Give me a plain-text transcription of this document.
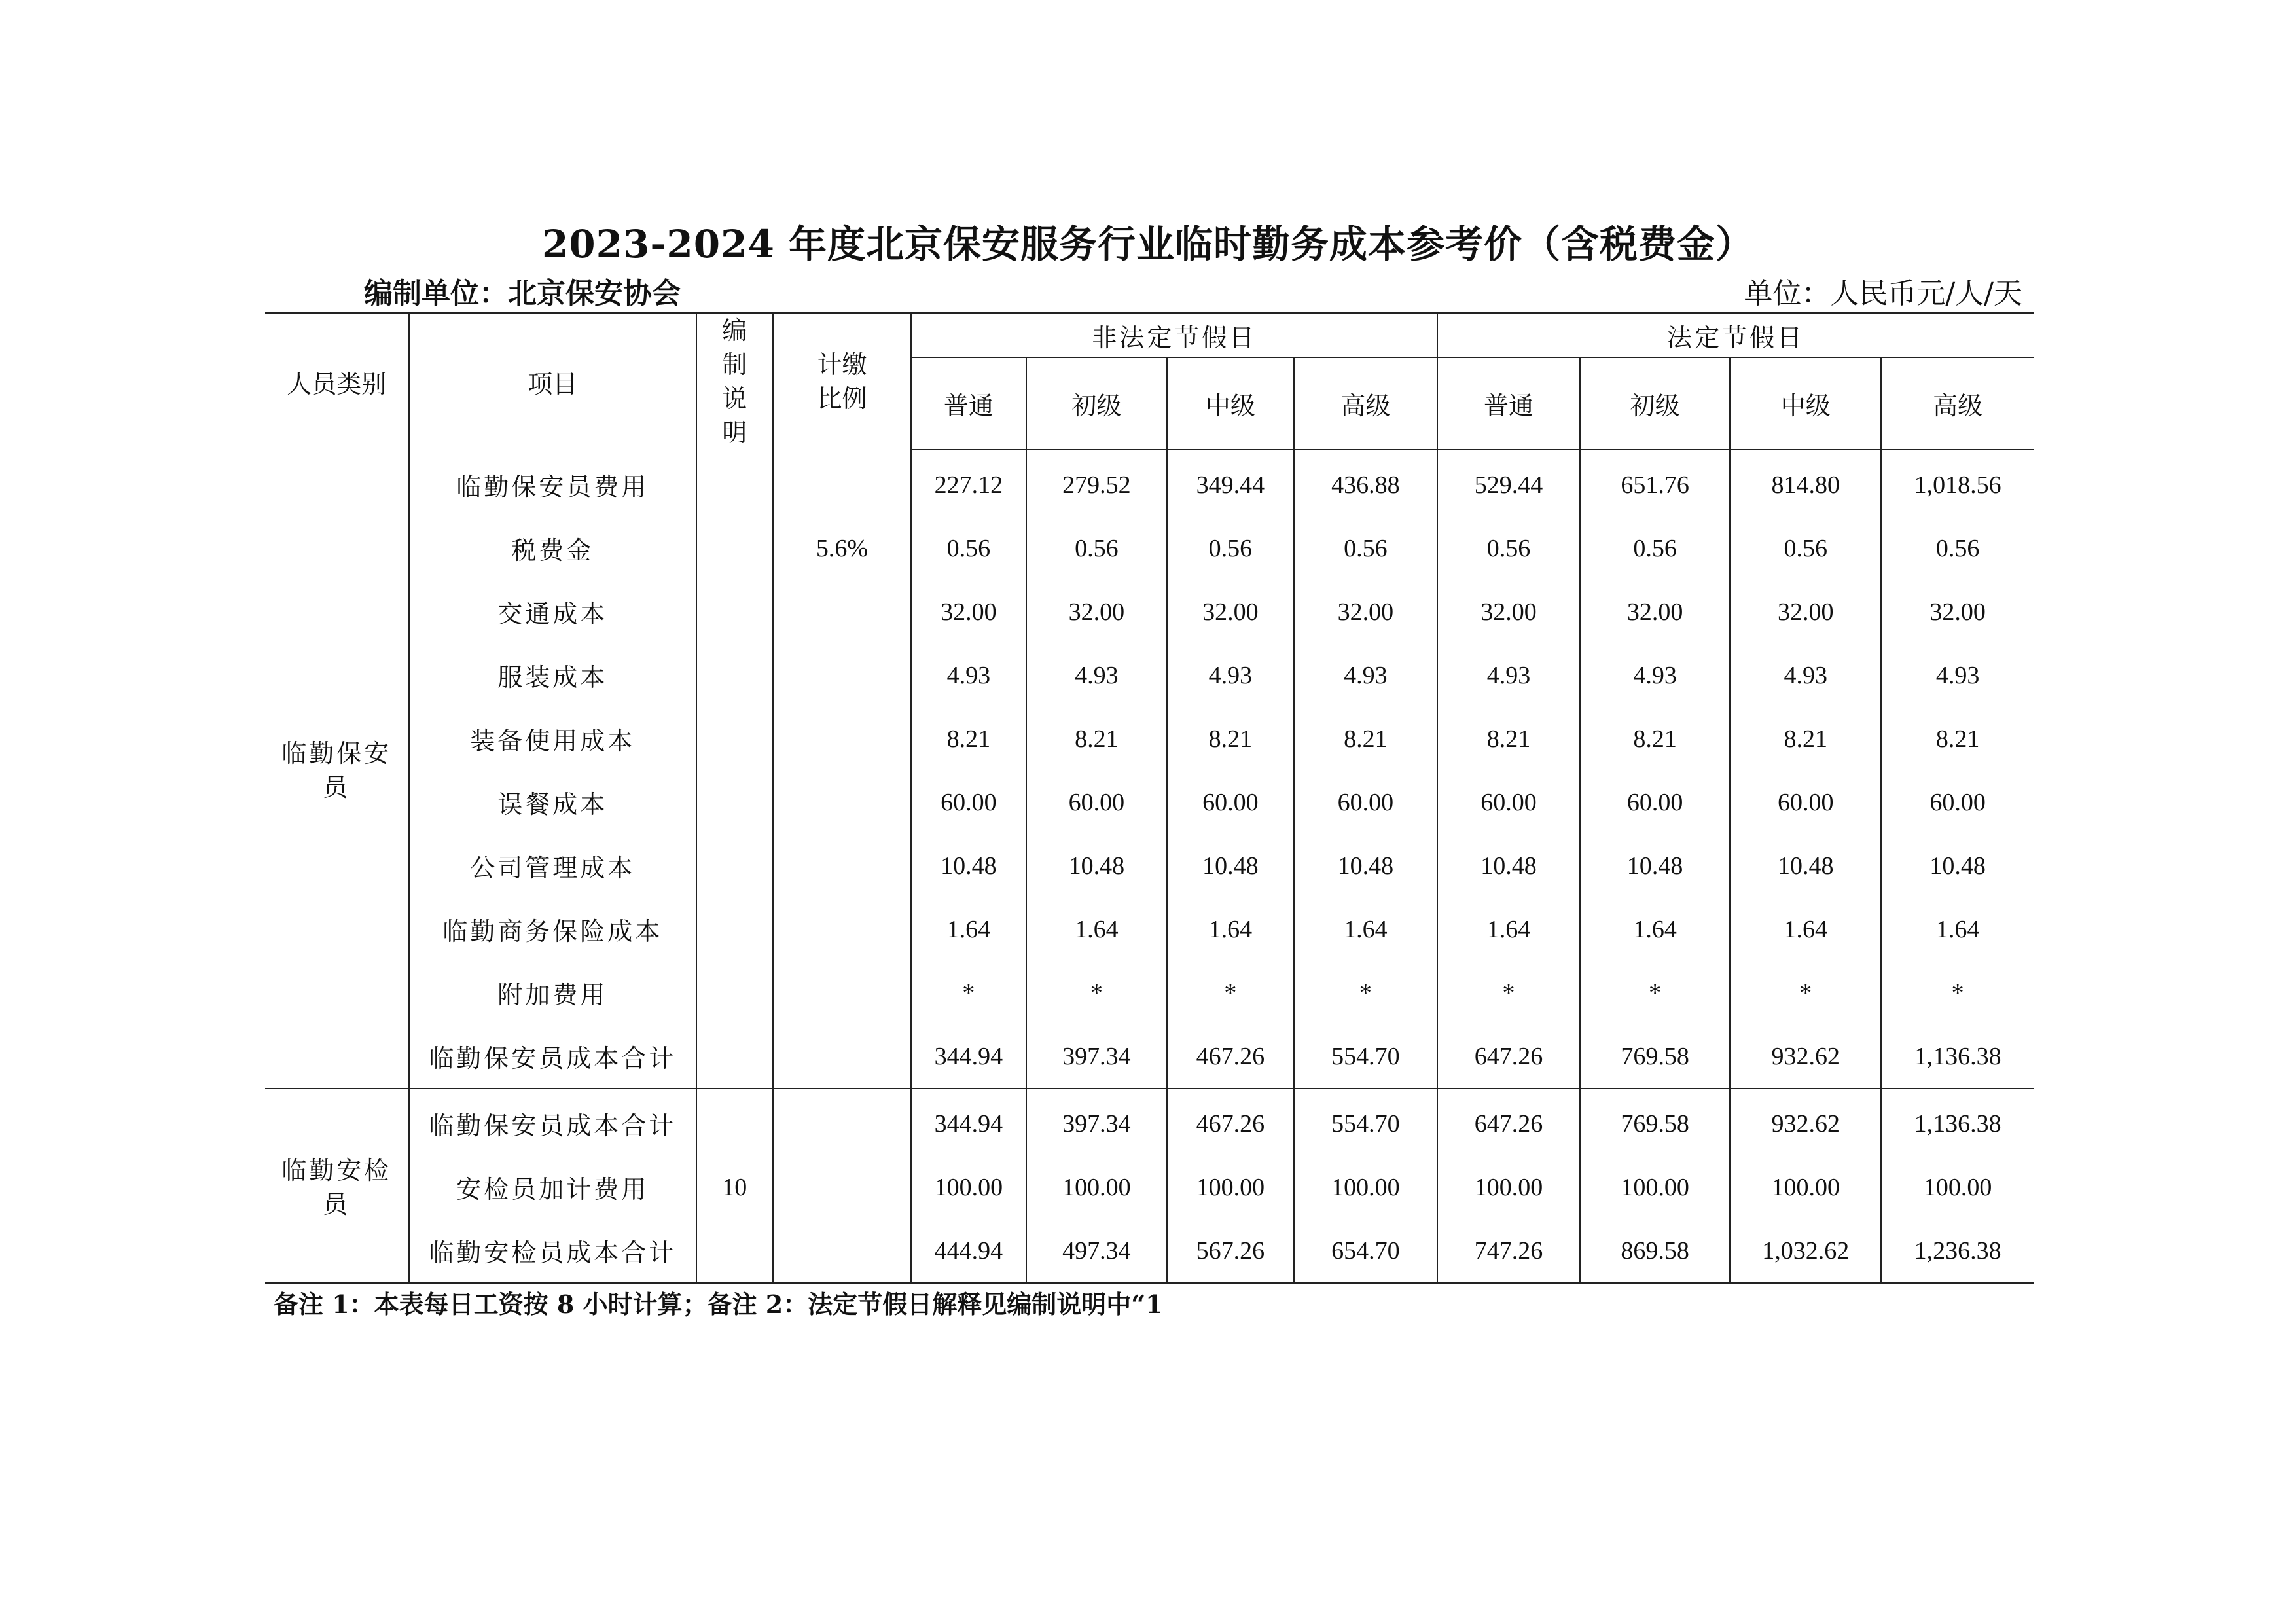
2023-2024 年度北京保安服务行业临时勤务成本参考价（含税费金）
编制单位：北京保安协会	单位：人民币元/人/天
人员类别	项目	编制说明	计缴比例	非法定节假日				法定节假日			
				普通	初级	中级	高级	普通	初级	中级	高级
临勤保安员	临勤保安员费用			227.12	279.52	349.44	436.88	529.44	651.76	814.80	1,018.56
	税费金		5.6%	0.56	0.56	0.56	0.56	0.56	0.56	0.56	0.56
	交通成本			32.00	32.00	32.00	32.00	32.00	32.00	32.00	32.00
	服装成本			4.93	4.93	4.93	4.93	4.93	4.93	4.93	4.93
	装备使用成本			8.21	8.21	8.21	8.21	8.21	8.21	8.21	8.21
	误餐成本			60.00	60.00	60.00	60.00	60.00	60.00	60.00	60.00
	公司管理成本			10.48	10.48	10.48	10.48	10.48	10.48	10.48	10.48
	临勤商务保险成本			1.64	1.64	1.64	1.64	1.64	1.64	1.64	1.64
	附加费用			*	*	*	*	*	*	*	*
	临勤保安员成本合计			344.94	397.34	467.26	554.70	647.26	769.58	932.62	1,136.38
临勤安检员	临勤保安员成本合计			344.94	397.34	467.26	554.70	647.26	769.58	932.62	1,136.38
	安检员加计费用	10		100.00	100.00	100.00	100.00	100.00	100.00	100.00	100.00
	临勤安检员成本合计			444.94	497.34	567.26	654.70	747.26	869.58	1,032.62	1,236.38
备注 1：本表每日工资按 8 小时计算；备注 2：法定节假日解释见编制说明中“1
